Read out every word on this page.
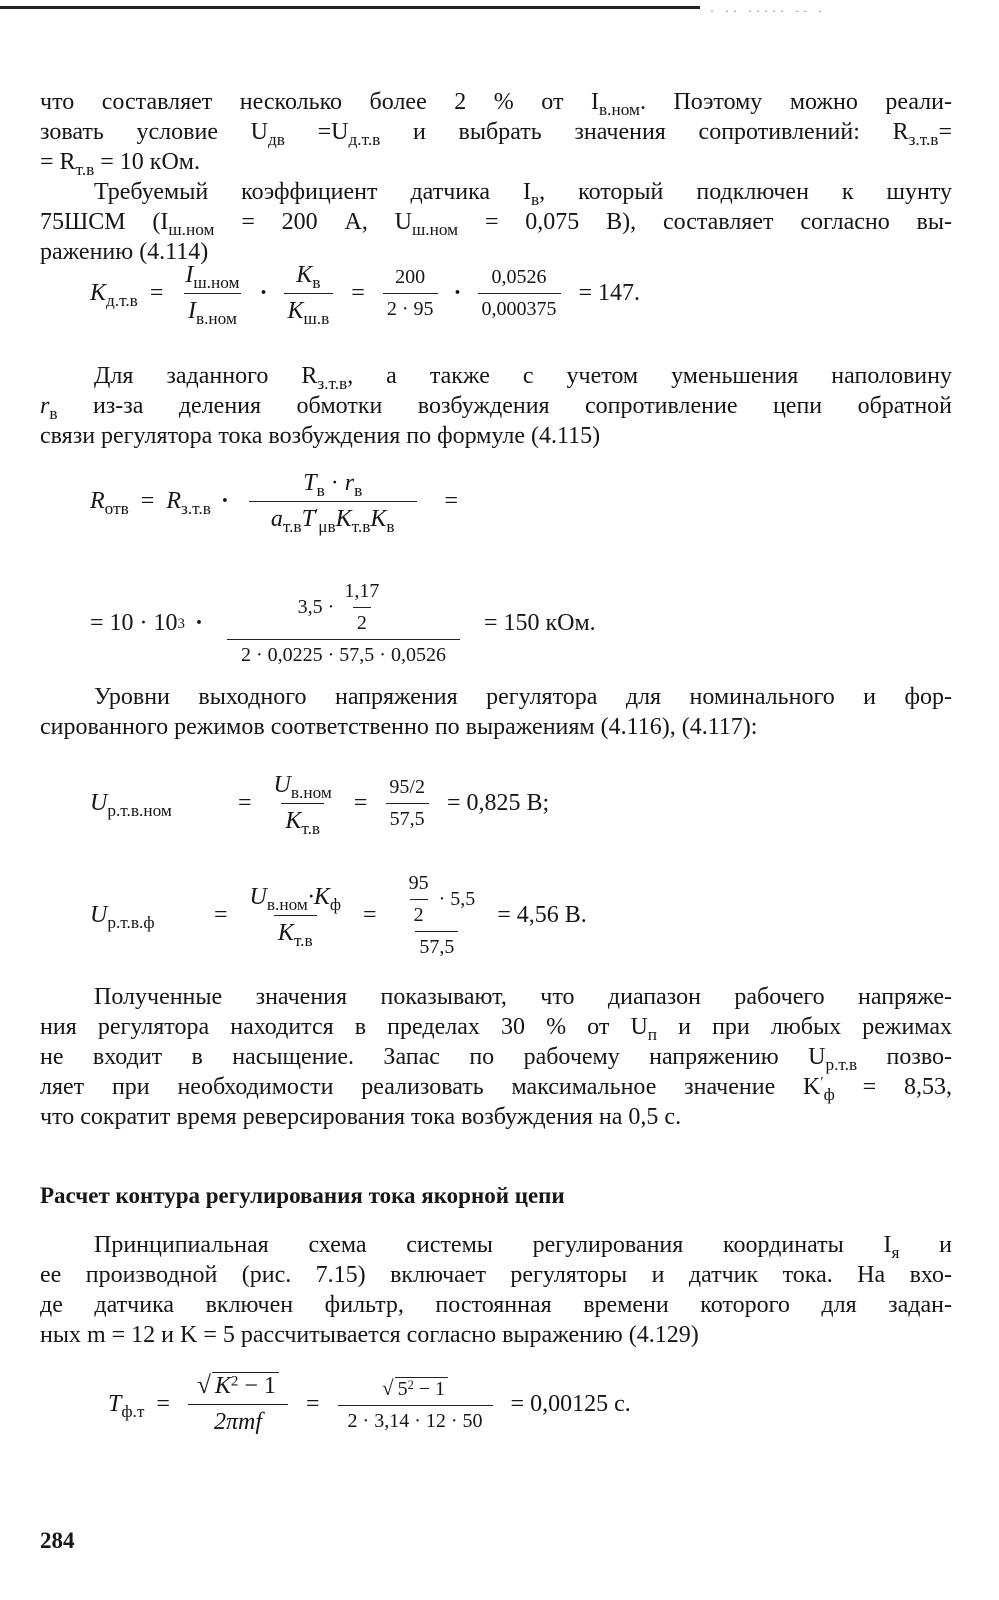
· ·· ····· ·· ·
что составляет несколько более 2 % от $I_{в.ном}$. Поэтому можно реали-
зовать условие $U_{дв} =U_{д.т.в}$ и выбрать значения сопротивлений: $R_{з.т.в}=$
= $R_{т.в} = 10$ кОм.
Требуемый коэффициент датчика $I_в$, который подключен к шунту
75ШСМ ($I_{ш.ном} = 200$ A, $U_{ш.ном} = 0,075$ В), составляет согласно вы-
ражению (4.114)
$K_{д.т.в} = \frac{I_{ш.ном}}{I_{в.ном}} \cdot \frac{K_в}{K_{ш.в}} = \frac{200}{2 \cdot 95} \cdot \frac{0,0526}{0,000375} = 147$.
Для заданного $R_{з.т.в}$, а также с учетом уменьшения наполовину
$r_в$ из-за деления обмотки возбуждения сопротивление цепи обратной
связи регулятора тока возбуждения по формуле (4.115)
$R_{отв} = R_{з.т.в} \cdot \frac{T_в \cdot r_в}{a_{т.в}T'_{\mu в}K_{т.в}K_в}$ =
= 10 · 10 $3 \cdot \frac{3,5 \cdot \frac{1,17}{2}}{2 \cdot 0,0225 \cdot 57,5 \cdot 0,0526} = 150$ кОм.
Уровни выходного напряжения регулятора для номинального и фор-
сированного режимов соответственно по выражениям (4.116), (4.117):
$U_{р.т.в.ном}$	= $\frac{U_{в.ном}}{K_{т.в}} = \frac{95/2}{57,5} = 0,825$ В;
$U_{р.т.в.ф}$	= $\frac{U_{в.ном}\cdot K_ф}{K_{т.в}} = \frac{\frac{95}{2} \cdot 5,5}{57,5} = 4,56$ В.
Полученные значения показывают, что диапазон рабочего напряже-
ния регулятора находится в пределах 30 % от $U_п$ и при любых режимах
не входит в насыщение. Запас по рабочему напряжению $U_{р.т.в}$ позво-
ляет при необходимости реализовать максимальное значение $K'_ф = 8,53$,
что сократит время реверсирования тока возбуждения на 0,5 с.
Расчет контура регулирования тока якорной цепи
Принципиальная схема системы регулирования координаты $I_я$ и
ее производной (рис. 7.15) включает регуляторы и датчик тока. На вхо-
де датчика включен фильтр, постоянная времени которого для задан-
ных m = 12 и K = 5 рассчитывается согласно выражению (4.129)
$T_{ф.т} = \frac{√ K^2 - 1}{\text{2πmf}} = \frac{√ 5^2 - 1}{2 \cdot 3,14 \cdot 12 \cdot 50} = 0,00125$ с.
284
